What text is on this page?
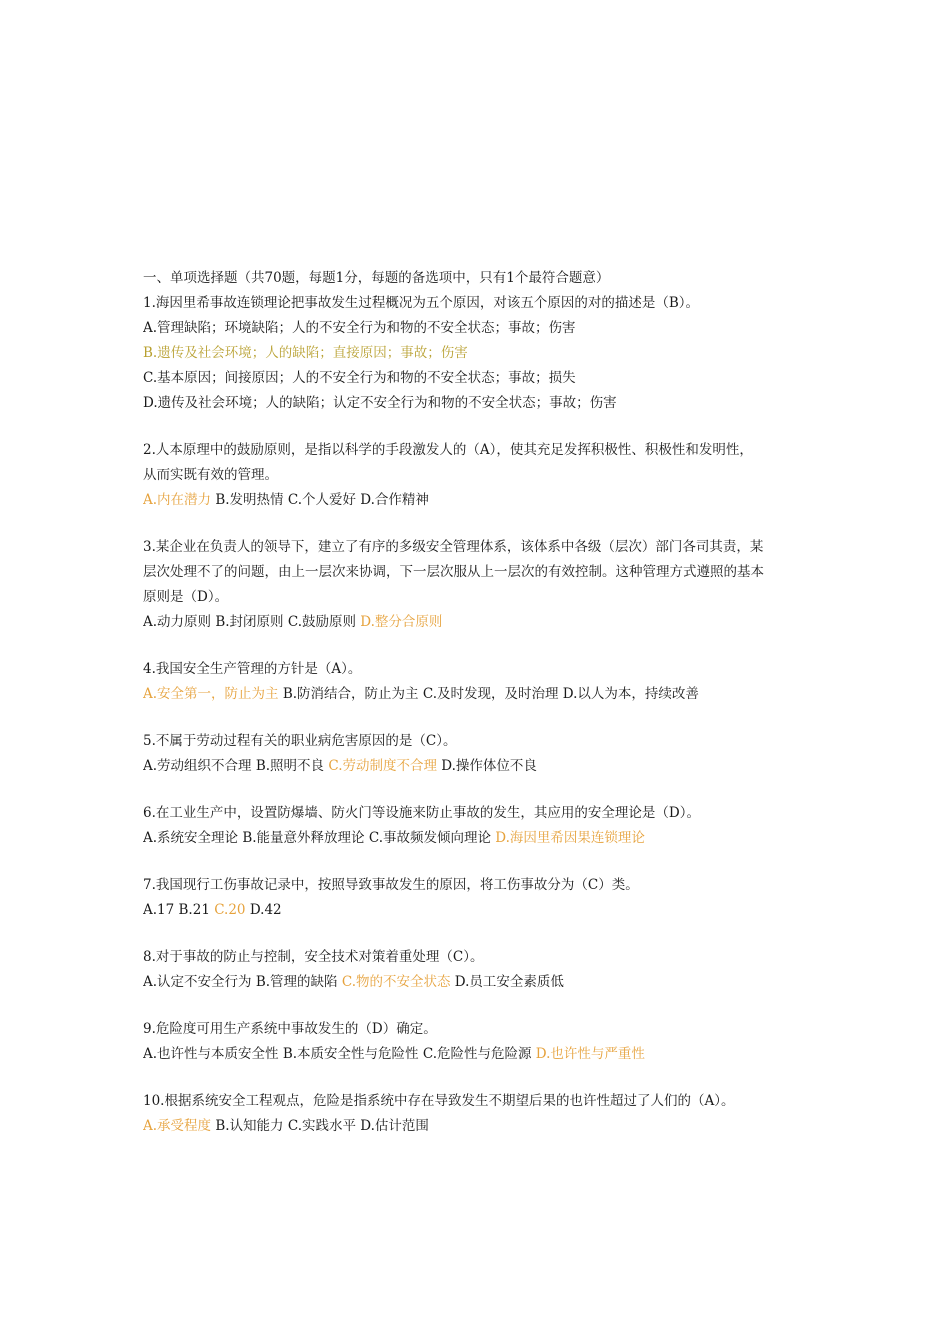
一、单项选择题（共70题，每题1分，每题的备选项中，只有1个最符合题意）
1.海因里希事故连锁理论把事故发生过程概况为五个原因，对该五个原因的对的描述是（B）。
A.管理缺陷；环境缺陷；人的不安全行为和物的不安全状态；事故；伤害
B.遗传及社会环境；人的缺陷；直接原因；事故；伤害
C.基本原因；间接原因；人的不安全行为和物的不安全状态；事故；损失
D.遗传及社会环境；人的缺陷；认定不安全行为和物的不安全状态；事故；伤害
2.人本原理中的鼓励原则，是指以科学的手段激发人的（A），使其充足发挥积极性、积极性和发明性，
从而实既有效的管理。
A.内在潜力 B.发明热情 C.个人爱好 D.合作精神
3.某企业在负责人的领导下，建立了有序的多级安全管理体系，该体系中各级（层次）部门各司其责，某
层次处理不了的问题，由上一层次来协调，下一层次服从上一层次的有效控制。这种管理方式遵照的基本
原则是（D）。
A.动力原则 B.封闭原则 C.鼓励原则 D.整分合原则
4.我国安全生产管理的方针是（A）。
A.安全第一，防止为主 B.防消结合，防止为主 C.及时发现，及时治理 D.以人为本，持续改善
5.不属于劳动过程有关的职业病危害原因的是（C）。
A.劳动组织不合理 B.照明不良 C.劳动制度不合理 D.操作体位不良
6.在工业生产中，设置防爆墙、防火门等设施来防止事故的发生，其应用的安全理论是（D）。
A.系统安全理论 B.能量意外释放理论 C.事故频发倾向理论 D.海因里希因果连锁理论
7.我国现行工伤事故记录中，按照导致事故发生的原因，将工伤事故分为（C）类。
A.17 B.21 C.20 D.42
8.对于事故的防止与控制，安全技术对策着重处理（C）。
A.认定不安全行为 B.管理的缺陷 C.物的不安全状态 D.员工安全素质低
9.危险度可用生产系统中事故发生的（D）确定。
A.也许性与本质安全性 B.本质安全性与危险性 C.危险性与危险源 D.也许性与严重性
10.根据系统安全工程观点，危险是指系统中存在导致发生不期望后果的也许性超过了人们的（A）。
A.承受程度 B.认知能力 C.实践水平 D.估计范围
